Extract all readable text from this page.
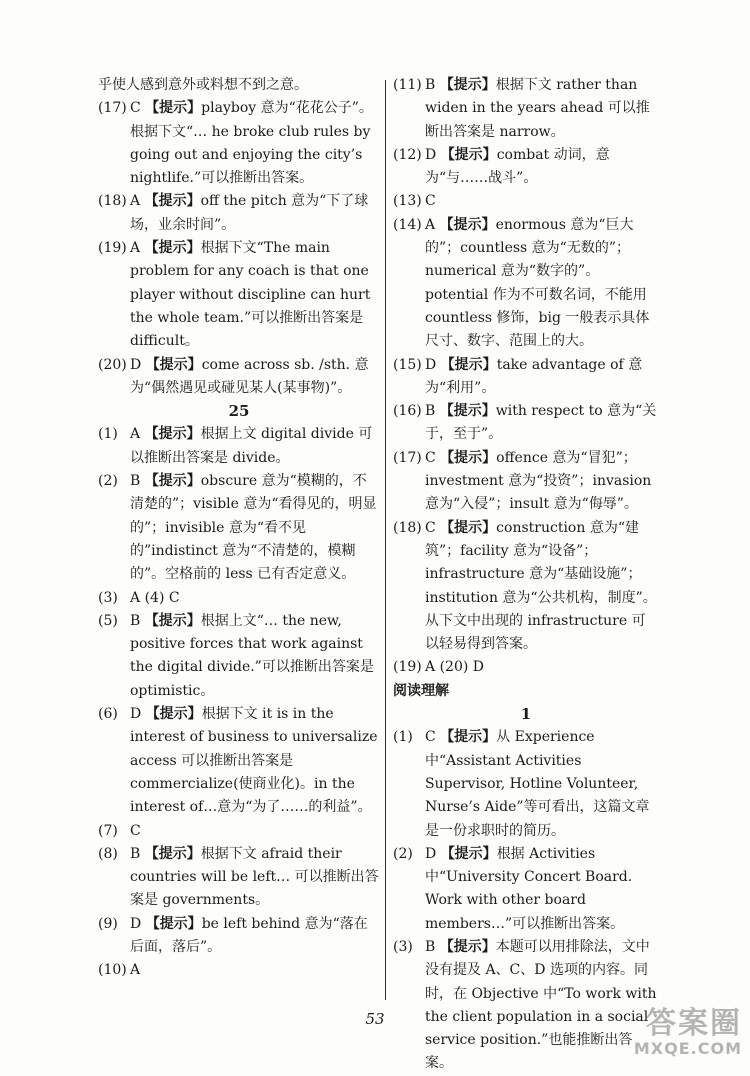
乎使人感到意外或料想不到之意。

(17) C 【提示】playboy 意为“花花公子”。根据下文“… he broke club rules by going out and enjoying the city’s nightlife.”可以推断出答案。

(18) A 【提示】off the pitch 意为“下了球场，业余时间”。

(19) A 【提示】根据下文“The main problem for any coach is that one player without discipline can hurt the whole team.”可以推断出答案是 difficult。

(20) D 【提示】come across sb. /sth. 意为“偶然遇见或碰见某人(某事物)”。

25

(1) A 【提示】根据上文 digital divide 可以推断出答案是 divide。

(2) B 【提示】obscure 意为“模糊的，不清楚的”；visible 意为“看得见的，明显的”；invisible 意为“看不见的”indistinct 意为“不清楚的，模糊的”。空格前的 less 已有否定意义。

(3) A (4) C

(5) B 【提示】根据上文“… the new, positive forces that work against the digital divide.”可以推断出答案是 optimistic。

(6) D 【提示】根据下文 it is in the interest of business to universalize access 可以推断出答案是 commercialize(使商业化)。in the interest of…意为“为了……的利益”。

(7) C

(8) B 【提示】根据下文 afraid their countries will be left… 可以推断出答案是 governments。

(9) D 【提示】be left behind 意为“落在后面，落后”。

(10) A

(11) B 【提示】根据下文 rather than widen in the years ahead 可以推断出答案是 narrow。

(12) D 【提示】combat 动词，意为“与……战斗”。

(13) C

(14) A 【提示】enormous 意为“巨大的”；countless 意为“无数的”；numerical 意为“数字的”。potential 作为不可数名词，不能用 countless 修饰，big 一般表示具体尺寸、数字、范围上的大。

(15) D 【提示】take advantage of 意为“利用”。

(16) B 【提示】with respect to 意为“关于，至于”。

(17) C 【提示】offence 意为“冒犯”；investment 意为“投资”；invasion 意为“入侵”；insult 意为“侮辱”。

(18) C 【提示】construction 意为“建筑”；facility 意为“设备”；infrastructure 意为“基础设施”；institution 意为“公共机构，制度”。从下文中出现的 infrastructure 可以轻易得到答案。

(19) A (20) D

阅读理解

1

(1) C 【提示】从 Experience 中“Assistant Activities Supervisor, Hotline Volunteer, Nurse’s Aide”等可看出，这篇文章是一份求职时的简历。

(2) D 【提示】根据 Activities 中“University Concert Board. Work with other board members…”可以推断出答案。

(3) B 【提示】本题可以用排除法，文中没有提及 A、C、D 选项的内容。同时，在 Objective 中“To work with the client population in a social service position.”也能推断出答案。

53	答案圈
MXQE.COM
